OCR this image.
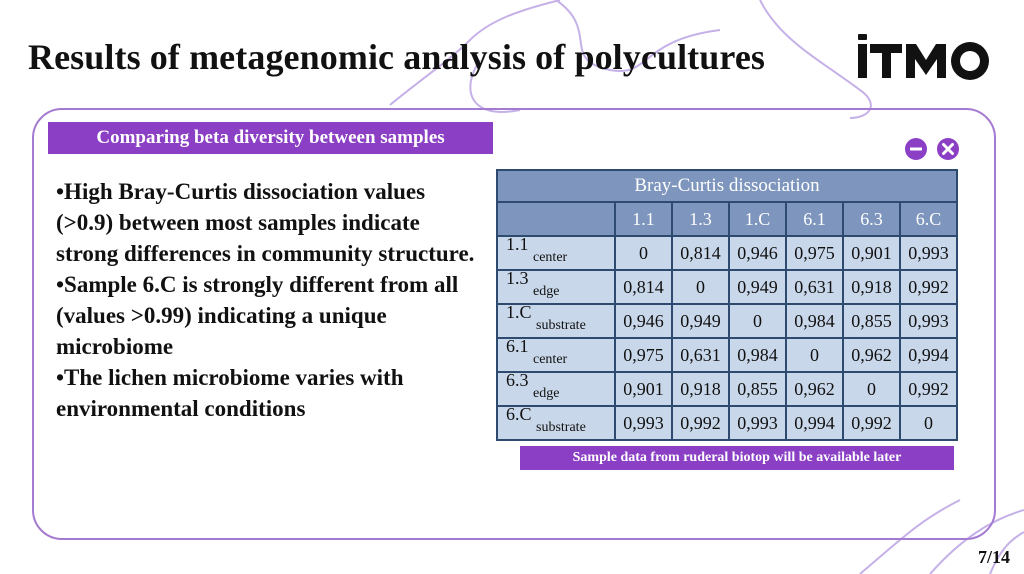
Results of metagenomic analysis of polycultures
Comparing beta diversity between samples

•High Bray-Curtis dissociation values (>0.9) between most samples indicate strong differences in community structure.

•Sample 6.C is strongly different from all (values >0.99) indicating a unique microbiome

•The lichen microbiome varies with environmental conditions

Bray-Curtis dissociation						
	1.1	1.3	1.C	6.1	6.3	6.C
1.1 $_{center}$	0	0,814	0,946	0,975	0,901	0,993
1.3 $_{edge}$	0,814	0	0,949	0,631	0,918	0,992
1.C $_{substrate}$	0,946	0,949	0	0,984	0,855	0,993
6.1 $_{center}$	0,975	0,631	0,984	0	0,962	0,994
6.3 $_{edge}$	0,901	0,918	0,855	0,962	0	0,992
6.C $_{substrate}$	0,993	0,992	0,993	0,994	0,992	0
Sample data from ruderal biotop will be available later
7/14
